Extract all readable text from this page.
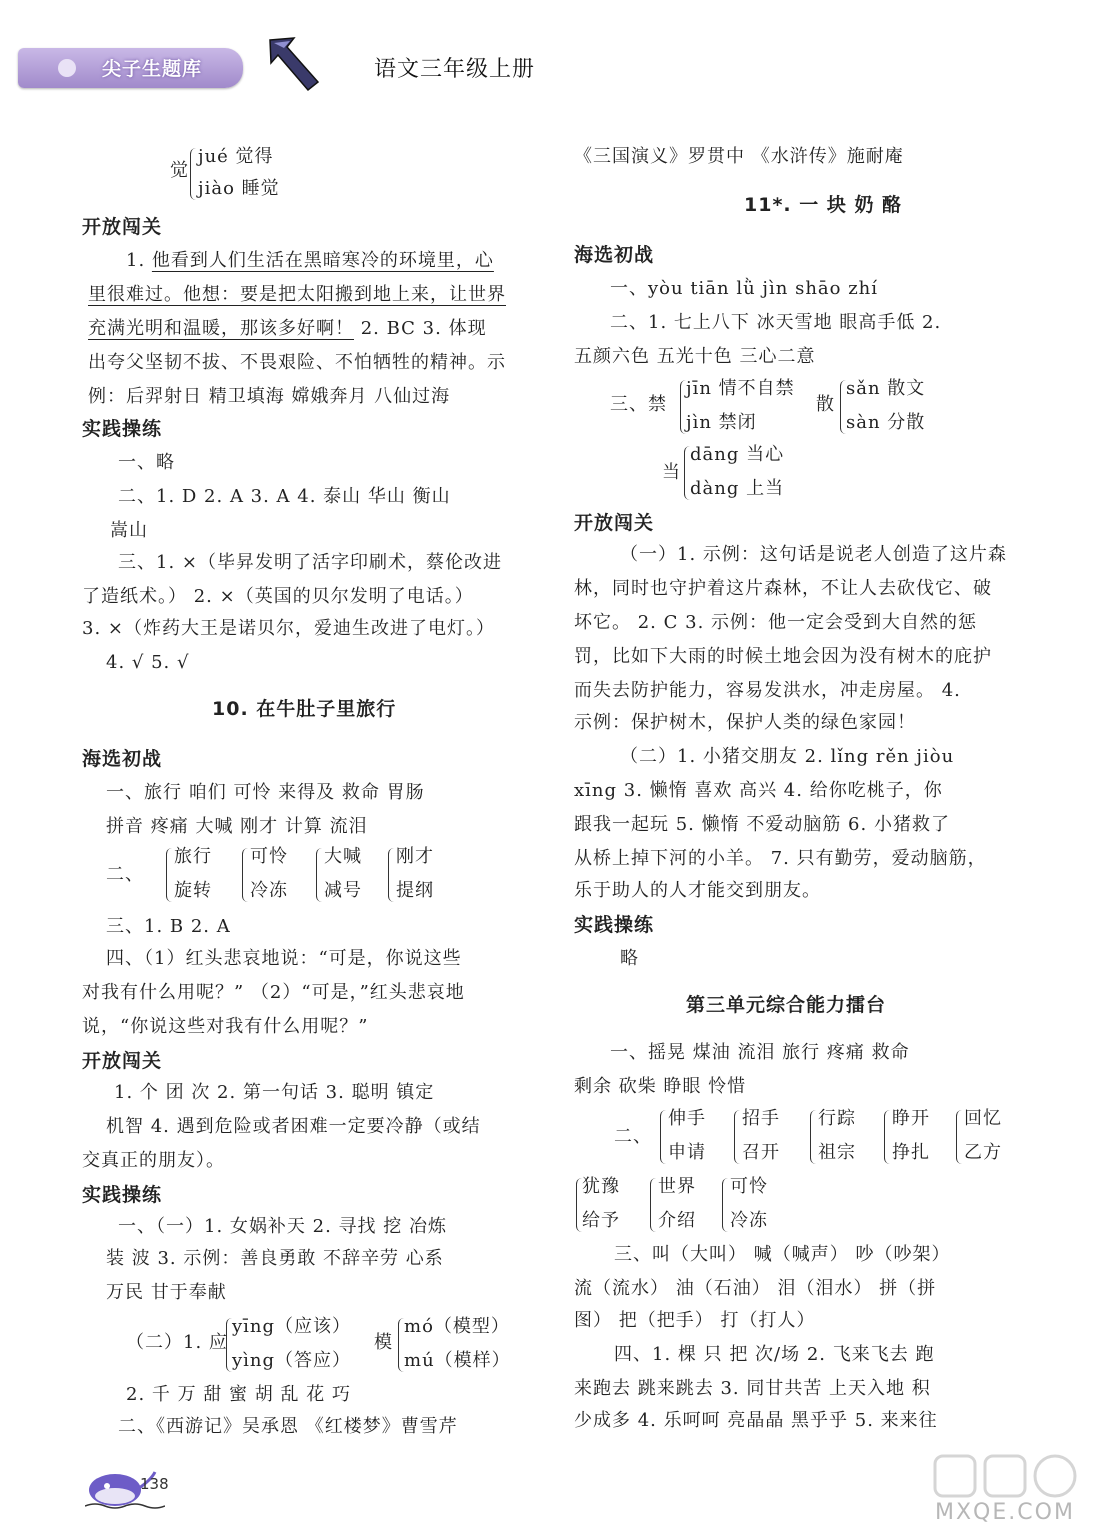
尖子生题库	语文三年级上册
觉
jué 觉得
jiào 睡觉
开放闯关
1. 他看到人们生活在黑暗寒冷的环境里，心
里很难过。他想：要是把太阳搬到地上来，让世界
充满光明和温暖，那该多好啊！ 2. BC 3. 体现
出夸父坚韧不拔、不畏艰险、不怕牺牲的精神。示
例：后羿射日 精卫填海 嫦娥奔月 八仙过海
实践操练
一、略
二、1. D 2. A 3. A 4. 泰山 华山 衡山
嵩山
三、1. ×（毕昇发明了活字印刷术，蔡伦改进
了造纸术。） 2. ×（英国的贝尔发明了电话。）
3. ×（炸药大王是诺贝尔，爱迪生改进了电灯。）
4. √ 5. √
10. 在牛肚子里旅行
海选初战
一、旅行 咱们 可怜 来得及 救命 胃肠
拼音 疼痛 大喊 刚才 计算 流泪
二、
旅行
旋转
可怜
冷冻
大喊
减号
刚才
提纲
三、1. B 2. A
四、（1）红头悲哀地说：“可是，你说这些
对我有什么用呢？” （2）“可是，”红头悲哀地
说，“你说这些对我有什么用呢？”
开放闯关
1. 个 团 次 2. 第一句话 3. 聪明 镇定
机智 4. 遇到危险或者困难一定要冷静（或结
交真正的朋友）。
实践操练
一、（一）1. 女娲补天 2. 寻找 挖 冶炼
装 波 3. 示例：善良勇敢 不辞辛劳 心系
万民 甘于奉献
（二）1. 应
yīng（应该）
yìng（答应）
模
mó（模型）
mú（模样）
2. 千 万 甜 蜜 胡 乱 花 巧
二、《西游记》吴承恩 《红楼梦》曹雪芹
《三国演义》罗贯中 《水浒传》施耐庵
11*. 一 块 奶 酪
海选初战
一、yòu tiān lǜ jìn shāo zhí
二、1. 七上八下 冰天雪地 眼高手低 2.
五颜六色 五光十色 三心二意
三、禁
jīn 情不自禁
jìn 禁闭
散
sǎn 散文
sàn 分散
当
dāng 当心
dàng 上当
开放闯关
（一）1. 示例：这句话是说老人创造了这片森
林，同时也守护着这片森林，不让人去砍伐它、破
坏它。 2. C 3. 示例：他一定会受到大自然的惩
罚，比如下大雨的时候土地会因为没有树木的庇护
而失去防护能力，容易发洪水，冲走房屋。 4.
示例：保护树木，保护人类的绿色家园！
（二）1. 小猪交朋友 2. lǐng rěn jiòu
xīng 3. 懒惰 喜欢 高兴 4. 给你吃桃子，你
跟我一起玩 5. 懒惰 不爱动脑筋 6. 小猪救了
从桥上掉下河的小羊。 7. 只有勤劳，爱动脑筋，
乐于助人的人才能交到朋友。
实践操练
略
第三单元综合能力擂台
一、摇晃 煤油 流泪 旅行 疼痛 救命
剩余 砍柴 睁眼 怜惜
二、
伸手
申请
招手
召开
行踪
祖宗
睁开
挣扎
回忆
乙方
犹豫
给予
世界
介绍
可怜
冷冻
三、叫（大叫） 喊（喊声） 吵（吵架）
流（流水） 油（石油） 泪（泪水） 拼（拼
图） 把（把手） 打（打人）
四、1. 棵 只 把 次/场 2. 飞来飞去 跑
来跑去 跳来跳去 3. 同甘共苦 上天入地 积
少成多 4. 乐呵呵 亮晶晶 黑乎乎 5. 来来往
138
MXQE.COM
